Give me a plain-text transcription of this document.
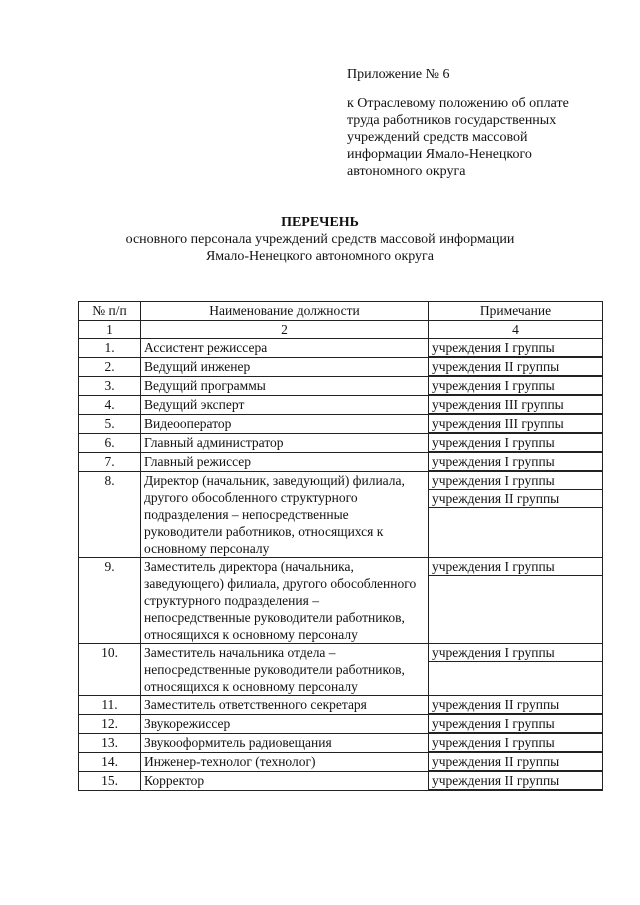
Приложение № 6
к Отраслевому положению об оплате
труда работников государственных
учреждений средств массовой
информации Ямало-Ненецкого
автономного округа
ПЕРЕЧЕНЬ
основного персонала учреждений средств массовой информации
Ямало-Ненецкого автономного округа
№ п/п	Наименование должности	Примечание
1	2	4
1.	Ассистент режиссера	учреждения I группы

2.	Ведущий инженер	учреждения II группы

3.	Ведущий программы	учреждения I группы

4.	Ведущий эксперт	учреждения III группы

5.	Видеооператор	учреждения III группы

6.	Главный администратор	учреждения I группы

7.	Главный режиссер	учреждения I группы

8.	Директор (начальник, заведующий) филиала, другого обособленного структурного подразделения – непосредственные руководители работников, относящихся к основному персоналу	учреждения I группы
учреждения II группы

9.	Заместитель директора (начальника, заведующего) филиала, другого обособленного структурного подразделения – непосредственные руководители работников, относящихся к основному персоналу	учреждения I группы

10.	Заместитель начальника отдела – непосредственные руководители работников, относящихся к основному персоналу	учреждения I группы

11.	Заместитель ответственного секретаря	учреждения II группы

12.	Звукорежиссер	учреждения I группы

13.	Звукооформитель радиовещания	учреждения I группы

14.	Инженер-технолог (технолог)	учреждения II группы

15.	Корректор	учреждения II группы
